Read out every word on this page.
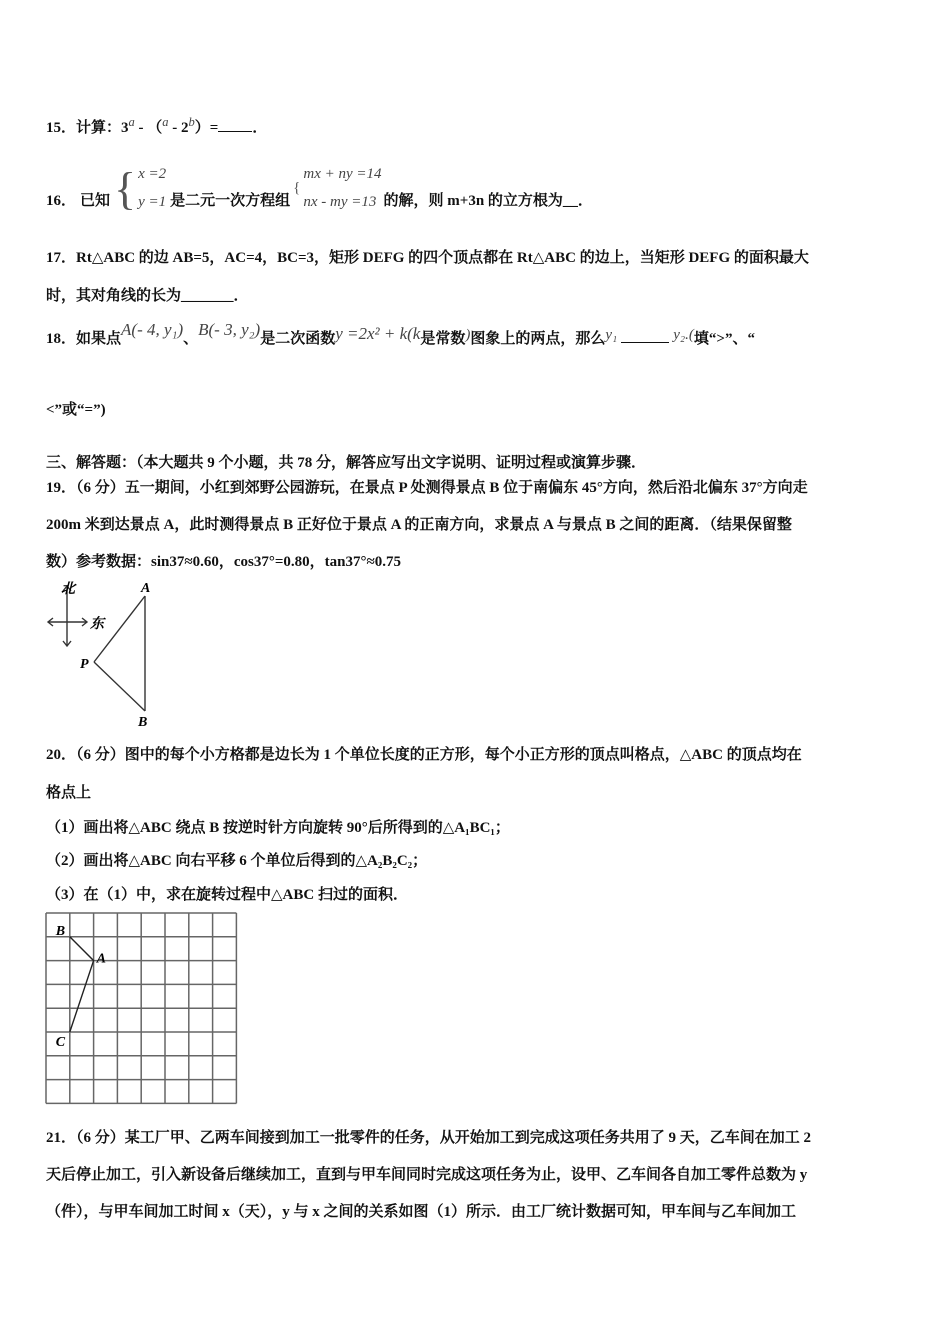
15．计算：$3^a - (^a - 2^b)=$ ．
16． 已知 { x =2
y =1 是二元一次方程组
{
mx + ny =14
nx - my =13 的解，则 m+3n 的立方根为__．
17．Rt△ABC 的边 AB=5，AC=4，BC=3，矩形 DEFG 的四个顶点都在 Rt△ABC 的边上，当矩形 DEFG 的面积最大
时，其对角线的长为_______．
18．如果点A(- 4, y₁)、B(- 3, y₂)是二次函数y =2x² + k(k是常数)图象上的两点，那么y₁	y₂.(填“>”、“
<”或“=”)
三、解答题：（本大题共 9 个小题，共 78 分，解答应写出文字说明、证明过程或演算步骤．
19．（6 分）五一期间，小红到郊野公园游玩，在景点 P 处测得景点 B 位于南偏东 45°方向，然后沿北偏东 37°方向走
200m 米到达景点 A，此时测得景点 B 正好位于景点 A 的正南方向，求景点 A 与景点 B 之间的距离．（结果保留整
数）参考数据：sin37≈0.60，cos37°=0.80，tan37°≈0.75
北
东
A
P
B
20．（6 分）图中的每个小方格都是边长为 1 个单位长度的正方形，每个小正方形的顶点叫格点，△ABC 的顶点均在
格点上
（1）画出将△ABC 绕点 B 按逆时针方向旋转 90°后所得到的△A₁BC₁；
（2）画出将△ABC 向右平移 6 个单位后得到的△A₂B₂C₂；
（3）在（1）中，求在旋转过程中△ABC 扫过的面积．
B
A
C
21．（6 分）某工厂甲、乙两车间接到加工一批零件的任务，从开始加工到完成这项任务共用了 9 天，乙车间在加工 2
天后停止加工，引入新设备后继续加工，直到与甲车间同时完成这项任务为止，设甲、乙车间各自加工零件总数为 y
（件），与甲车间加工时间 x（天），y 与 x 之间的关系如图（1）所示．由工厂统计数据可知，甲车间与乙车间加工
